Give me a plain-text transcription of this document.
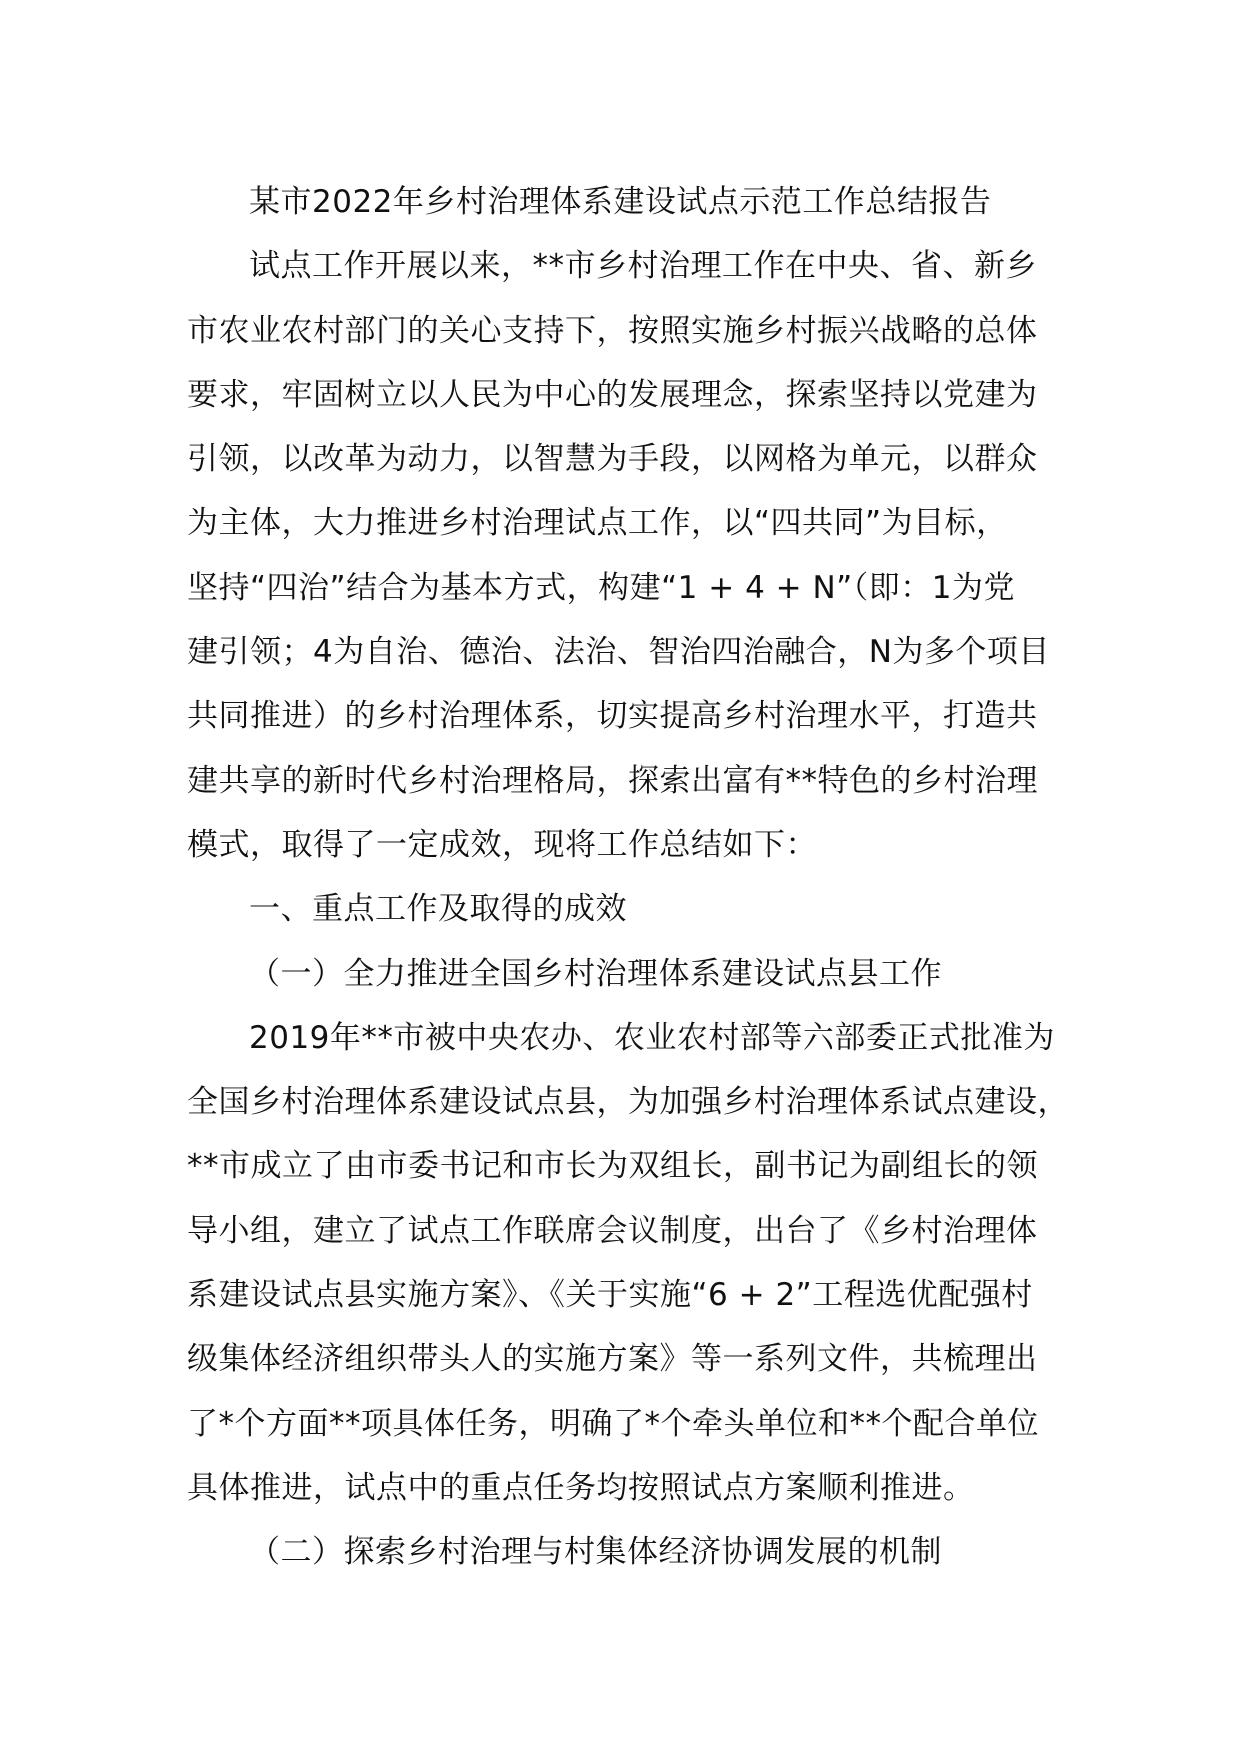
某市2022年乡村治理体系建设试点示范工作总结报告
试点工作开展以来，**市乡村治理工作在中央、省、新乡
市农业农村部门的关心支持下，按照实施乡村振兴战略的总体
要求，牢固树立以人民为中心的发展理念，探索坚持以党建为
引领，以改革为动力，以智慧为手段，以网格为单元，以群众
为主体，大力推进乡村治理试点工作，以“四共同”为目标，
坚持“四治”结合为基本方式，构建“1 + 4 + N”（即：1为党
建引领；4为自治、德治、法治、智治四治融合，N为多个项目
共同推进）的乡村治理体系，切实提高乡村治理水平，打造共
建共享的新时代乡村治理格局，探索出富有**特色的乡村治理
模式，取得了一定成效，现将工作总结如下：
一、重点工作及取得的成效
（一）全力推进全国乡村治理体系建设试点县工作
2019年**市被中央农办、农业农村部等六部委正式批准为
全国乡村治理体系建设试点县，为加强乡村治理体系试点建设，
**市成立了由市委书记和市长为双组长，副书记为副组长的领
导小组，建立了试点工作联席会议制度，出台了《乡村治理体
系建设试点县实施方案》、《关于实施“6 + 2”工程选优配强村
级集体经济组织带头人的实施方案》等一系列文件，共梳理出
了*个方面**项具体任务，明确了*个牵头单位和**个配合单位
具体推进，试点中的重点任务均按照试点方案顺利推进。
（二）探索乡村治理与村集体经济协调发展的机制
